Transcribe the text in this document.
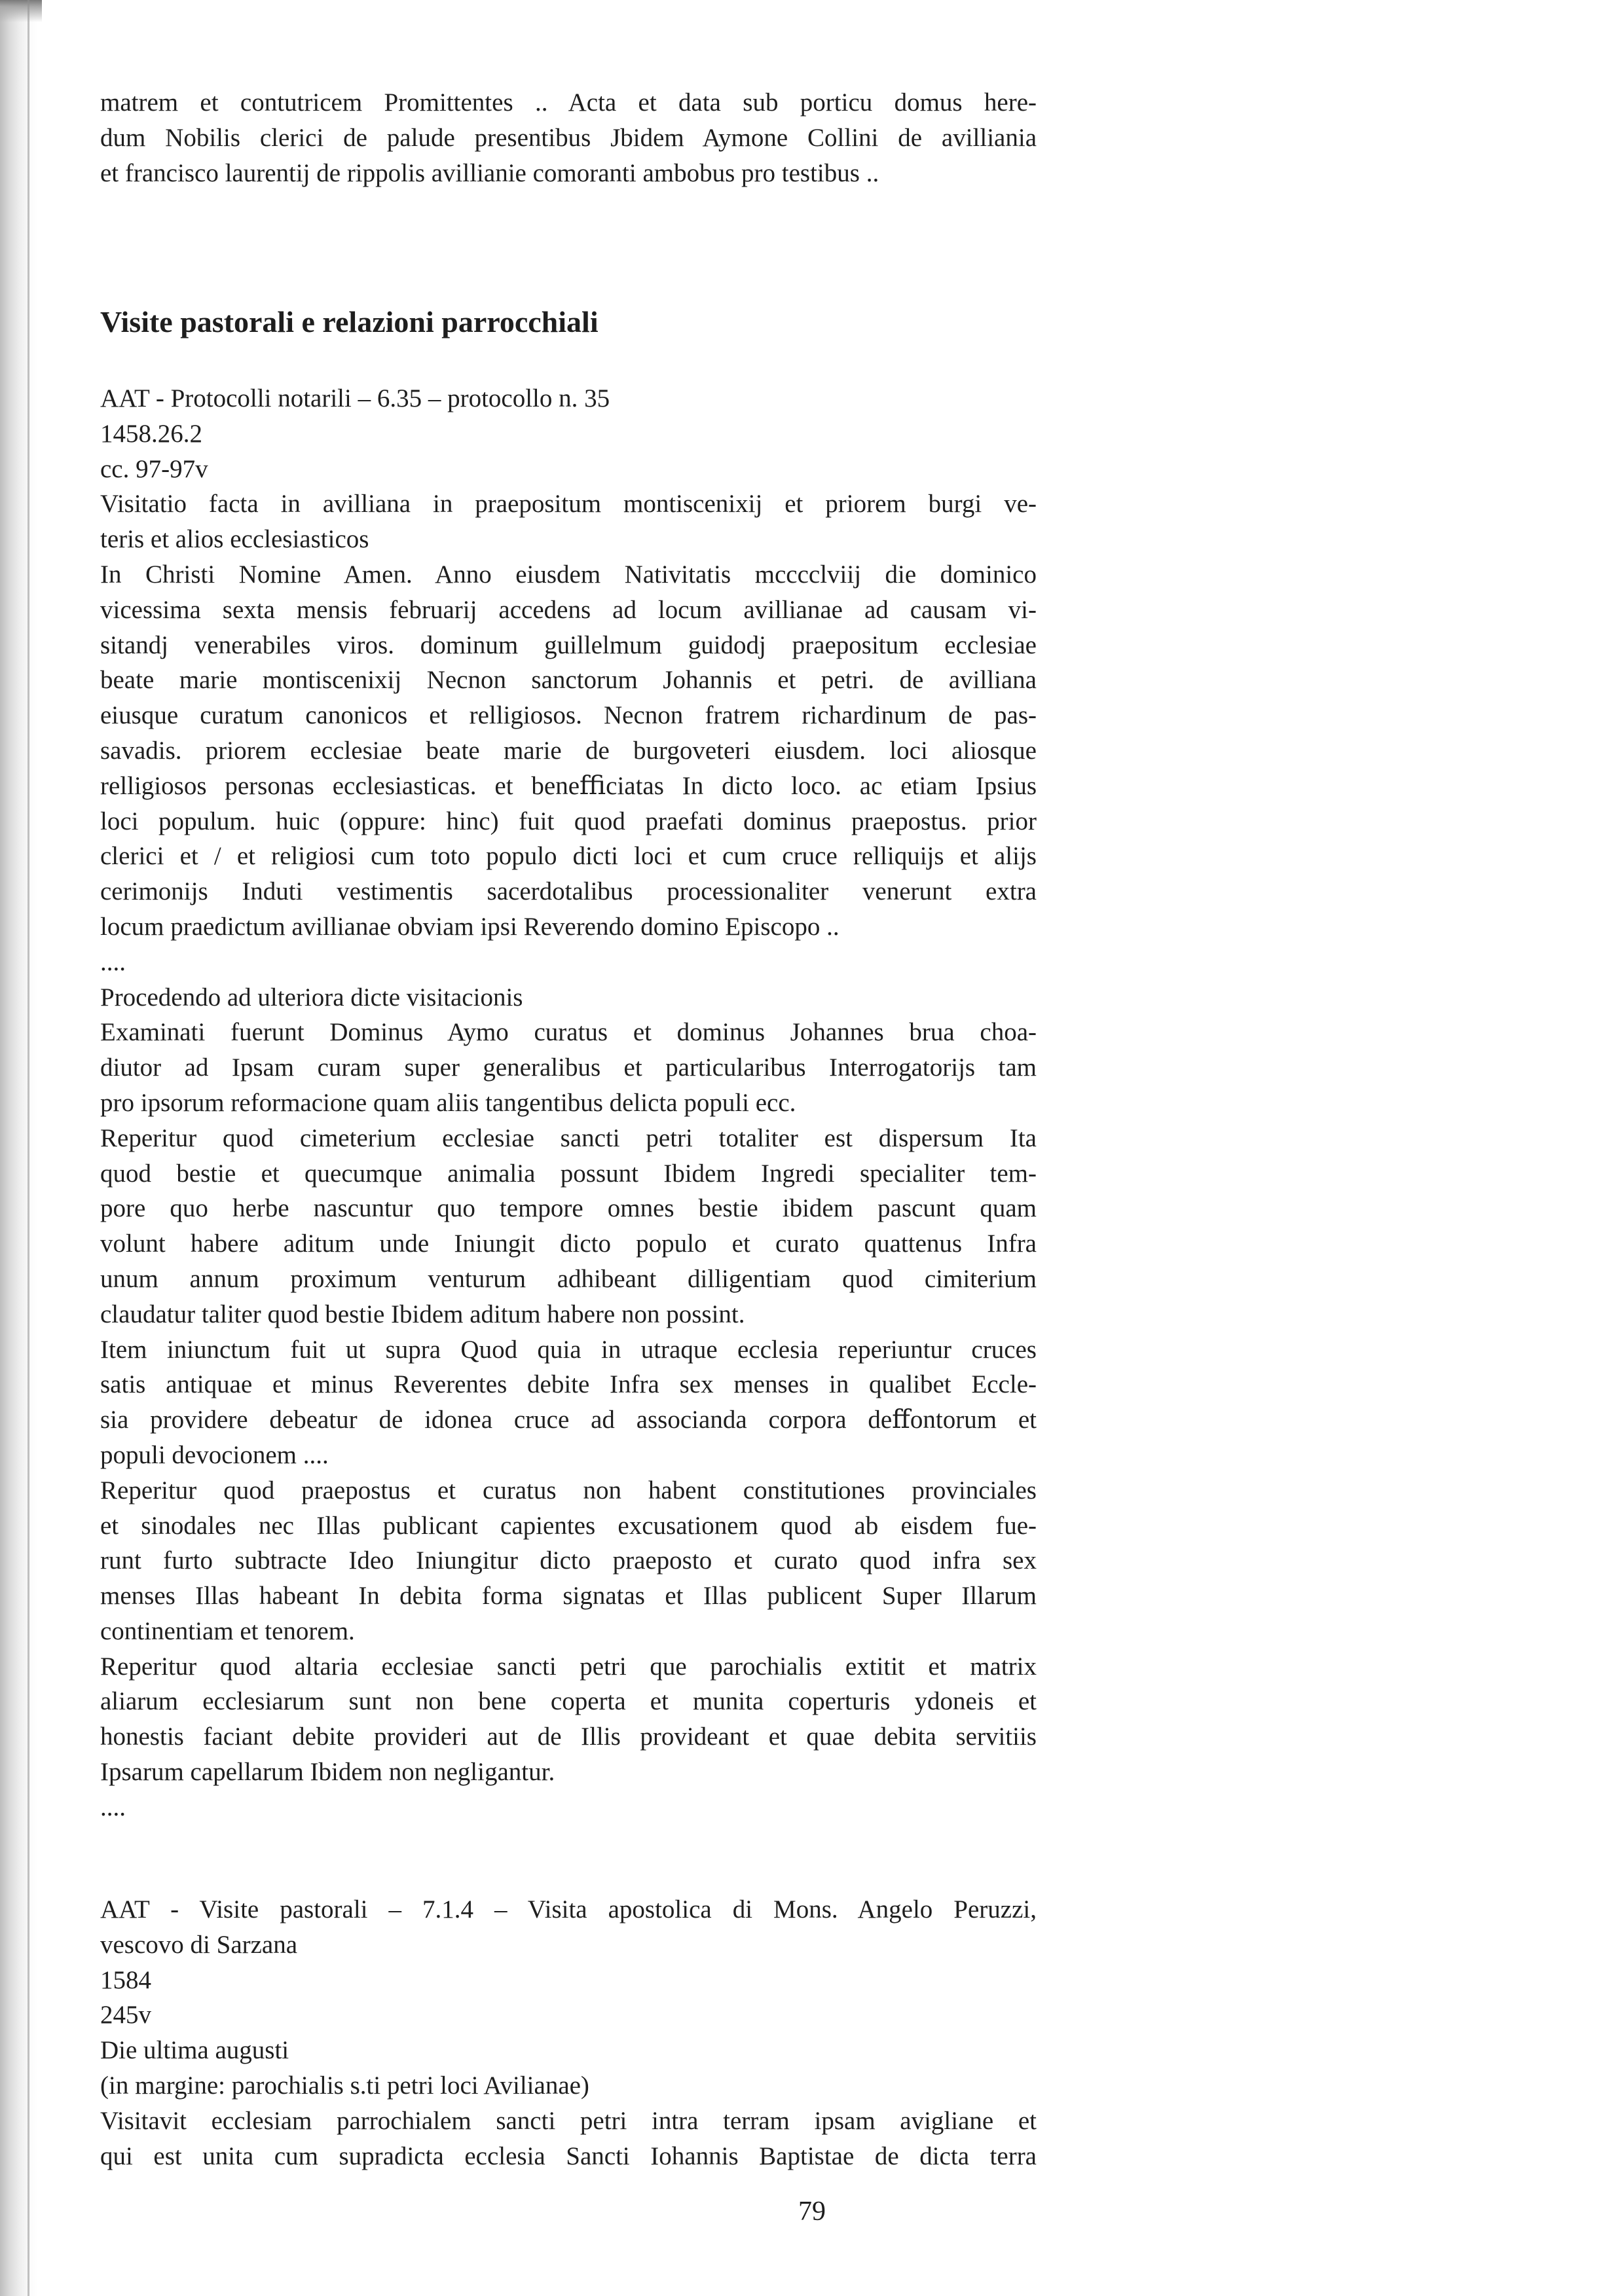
matrem et contutricem Promittentes .. Acta et data sub porticu domus here-
dum Nobilis clerici de palude presentibus Jbidem Aymone Collini de avilliania
et francisco laurentij de rippolis avillianie comoranti ambobus pro testibus ..
Visite pastorali e relazioni parrocchiali
AAT - Protocolli notarili – 6.35 – protocollo n. 35
1458.26.2
cc. 97-97v
Visitatio facta in avilliana in praepositum montiscenixij et priorem burgi ve-
teris et alios ecclesiasticos
In Christi Nomine Amen. Anno eiusdem Nativitatis mcccclviij die dominico
vicessima sexta mensis februarij accedens ad locum avillianae ad causam vi-
sitandj venerabiles viros. dominum guillelmum guidodj praepositum ecclesiae
beate marie montiscenixij Necnon sanctorum Johannis et petri. de avilliana
eiusque curatum canonicos et relligiosos. Necnon fratrem richardinum de pas-
savadis. priorem ecclesiae beate marie de burgoveteri eiusdem. loci aliosque
relligiosos personas ecclesiasticas. et beneﬃciatas In dicto loco. ac etiam Ipsius
loci populum. huic (oppure: hinc) fuit quod praefati dominus praepostus. prior
clerici et / et religiosi cum toto populo dicti loci et cum cruce relliquijs et alijs
cerimonijs Induti vestimentis sacerdotalibus processionaliter venerunt extra
locum praedictum avillianae obviam ipsi Reverendo domino Episcopo ..
....
Procedendo ad ulteriora dicte visitacionis
Examinati fuerunt Dominus Aymo curatus et dominus Johannes brua choa-
diutor ad Ipsam curam super generalibus et particularibus Interrogatorijs tam
pro ipsorum reformacione quam aliis tangentibus delicta populi ecc.
Reperitur quod cimeterium ecclesiae sancti petri totaliter est dispersum Ita
quod bestie et quecumque animalia possunt Ibidem Ingredi specialiter tem-
pore quo herbe nascuntur quo tempore omnes bestie ibidem pascunt quam
volunt habere aditum unde Iniungit dicto populo et curato quattenus Infra
unum annum proximum venturum adhibeant dilligentiam quod cimiterium
claudatur taliter quod bestie Ibidem aditum habere non possint.
Item iniunctum fuit ut supra Quod quia in utraque ecclesia reperiuntur cruces
satis antiquae et minus Reverentes debite Infra sex menses in qualibet Eccle-
sia providere debeatur de idonea cruce ad associanda corpora deﬀontorum et
populi devocionem ....
Reperitur quod praepostus et curatus non habent constitutiones provinciales
et sinodales nec Illas publicant capientes excusationem quod ab eisdem fue-
runt furto subtracte Ideo Iniungitur dicto praeposto et curato quod infra sex
menses Illas habeant In debita forma signatas et Illas publicent Super Illarum
continentiam et tenorem.
Reperitur quod altaria ecclesiae sancti petri que parochialis extitit et matrix
aliarum ecclesiarum sunt non bene coperta et munita coperturis ydoneis et
honestis faciant debite provideri aut de Illis provideant et quae debita servitiis
Ipsarum capellarum Ibidem non negligantur.
....
AAT - Visite pastorali – 7.1.4 – Visita apostolica di Mons. Angelo Peruzzi,
vescovo di Sarzana
1584
245v
Die ultima augusti
(in margine: parochialis s.ti petri loci Avilianae)
Visitavit ecclesiam parrochialem sancti petri intra terram ipsam avigliane et
qui est unita cum supradicta ecclesia Sancti Iohannis Baptistae de dicta terra
79
